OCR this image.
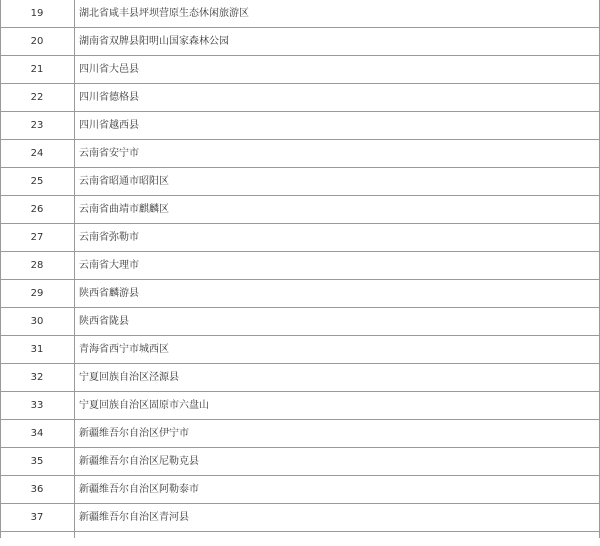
19	湖北省咸丰县坪坝营原生态休闲旅游区
20	湖南省双牌县阳明山国家森林公园
21	四川省大邑县
22	四川省德格县
23	四川省越西县
24	云南省安宁市
25	云南省昭通市昭阳区
26	云南省曲靖市麒麟区
27	云南省弥勒市
28	云南省大理市
29	陕西省麟游县
30	陕西省陇县
31	青海省西宁市城西区
32	宁夏回族自治区泾源县
33	宁夏回族自治区固原市六盘山
34	新疆维吾尔自治区伊宁市
35	新疆维吾尔自治区尼勒克县
36	新疆维吾尔自治区阿勒泰市
37	新疆维吾尔自治区青河县
